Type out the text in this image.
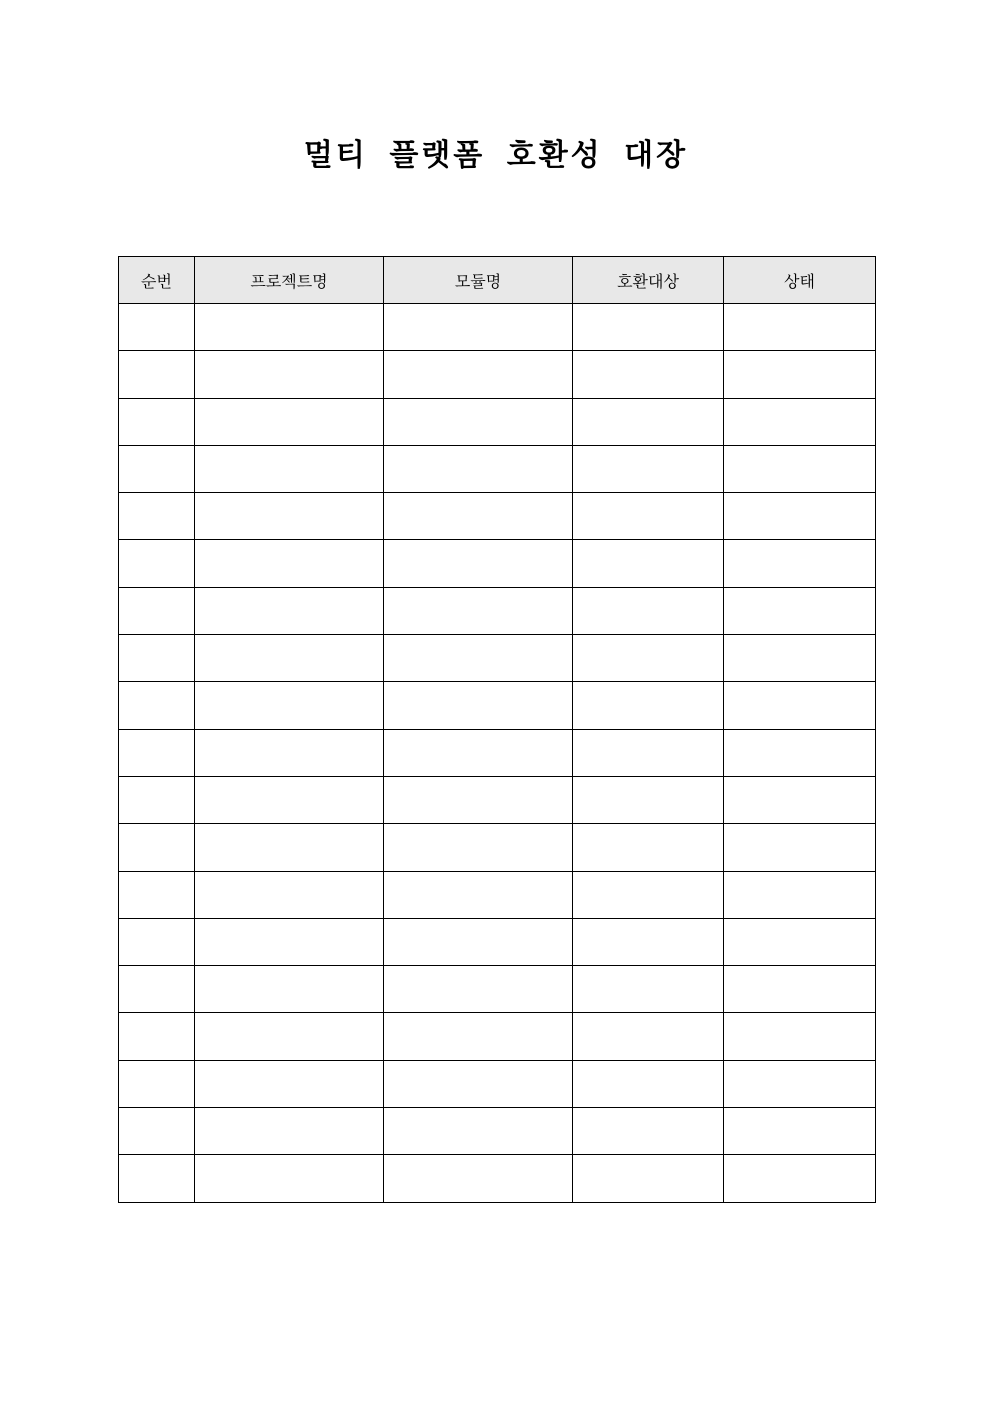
멀티 플랫폼 호환성 대장
순번	프로젝트명	모듈명	호환대상	상태
